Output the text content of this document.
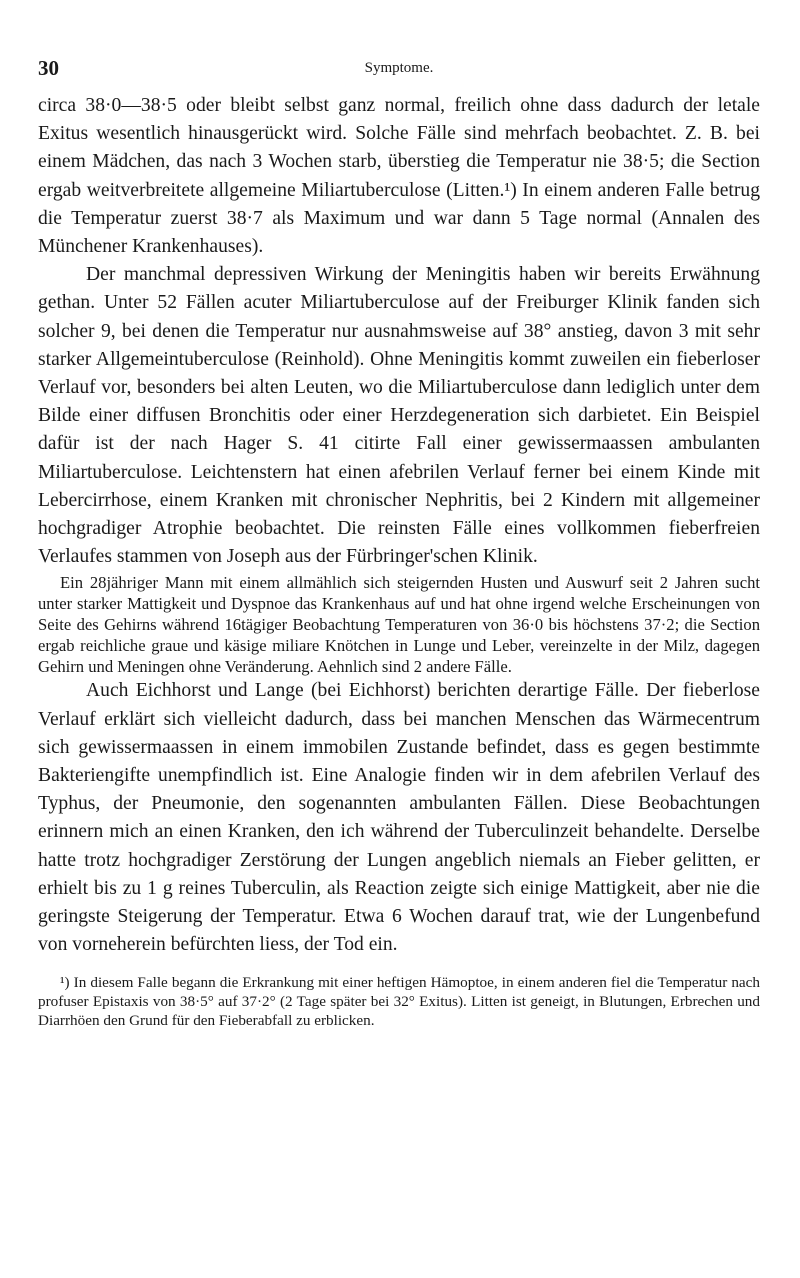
30	Symptome.

circa 38·0—38·5 oder bleibt selbst ganz normal, freilich ohne dass dadurch der letale Exitus wesentlich hinausgerückt wird. Solche Fälle sind mehrfach beobachtet. Z. B. bei einem Mädchen, das nach 3 Wochen starb, überstieg die Temperatur nie 38·5; die Section ergab weitverbreitete allgemeine Miliartuberculose (Litten.¹) In einem anderen Falle betrug die Temperatur zuerst 38·7 als Maximum und war dann 5 Tage normal (Annalen des Münchener Krankenhauses).

Der manchmal depressiven Wirkung der Meningitis haben wir bereits Erwähnung gethan. Unter 52 Fällen acuter Miliartuberculose auf der Freiburger Klinik fanden sich solcher 9, bei denen die Temperatur nur ausnahmsweise auf 38° anstieg, davon 3 mit sehr starker Allgemeintuberculose (Reinhold). Ohne Meningitis kommt zuweilen ein fieberloser Verlauf vor, besonders bei alten Leuten, wo die Miliartuberculose dann lediglich unter dem Bilde einer diffusen Bronchitis oder einer Herzdegeneration sich darbietet. Ein Beispiel dafür ist der nach Hager S. 41 citirte Fall einer gewissermaassen ambulanten Miliartuberculose. Leichtenstern hat einen afebrilen Verlauf ferner bei einem Kinde mit Lebercirrhose, einem Kranken mit chronischer Nephritis, bei 2 Kindern mit allgemeiner hochgradiger Atrophie beobachtet. Die reinsten Fälle eines vollkommen fieberfreien Verlaufes stammen von Joseph aus der Fürbringer'schen Klinik.

Ein 28jähriger Mann mit einem allmählich sich steigernden Husten und Auswurf seit 2 Jahren sucht unter starker Mattigkeit und Dyspnoe das Krankenhaus auf und hat ohne irgend welche Erscheinungen von Seite des Gehirns während 16tägiger Beobachtung Temperaturen von 36·0 bis höchstens 37·2; die Section ergab reichliche graue und käsige miliare Knötchen in Lunge und Leber, vereinzelte in der Milz, dagegen Gehirn und Meningen ohne Veränderung. Aehnlich sind 2 andere Fälle.

Auch Eichhorst und Lange (bei Eichhorst) berichten derartige Fälle. Der fieberlose Verlauf erklärt sich vielleicht dadurch, dass bei manchen Menschen das Wärmecentrum sich gewissermaassen in einem immobilen Zustande befindet, dass es gegen bestimmte Bakteriengifte unempfindlich ist. Eine Analogie finden wir in dem afebrilen Verlauf des Typhus, der Pneumonie, den sogenannten ambulanten Fällen. Diese Beobachtungen erinnern mich an einen Kranken, den ich während der Tuberculinzeit behandelte. Derselbe hatte trotz hochgradiger Zerstörung der Lungen angeblich niemals an Fieber gelitten, er erhielt bis zu 1 g reines Tuberculin, als Reaction zeigte sich einige Mattigkeit, aber nie die geringste Steigerung der Temperatur. Etwa 6 Wochen darauf trat, wie der Lungenbefund von vorneherein befürchten liess, der Tod ein.

¹) In diesem Falle begann die Erkrankung mit einer heftigen Hämoptoe, in einem anderen fiel die Temperatur nach profuser Epistaxis von 38·5° auf 37·2° (2 Tage später bei 32° Exitus). Litten ist geneigt, in Blutungen, Erbrechen und Diarrhöen den Grund für den Fieberabfall zu erblicken.
